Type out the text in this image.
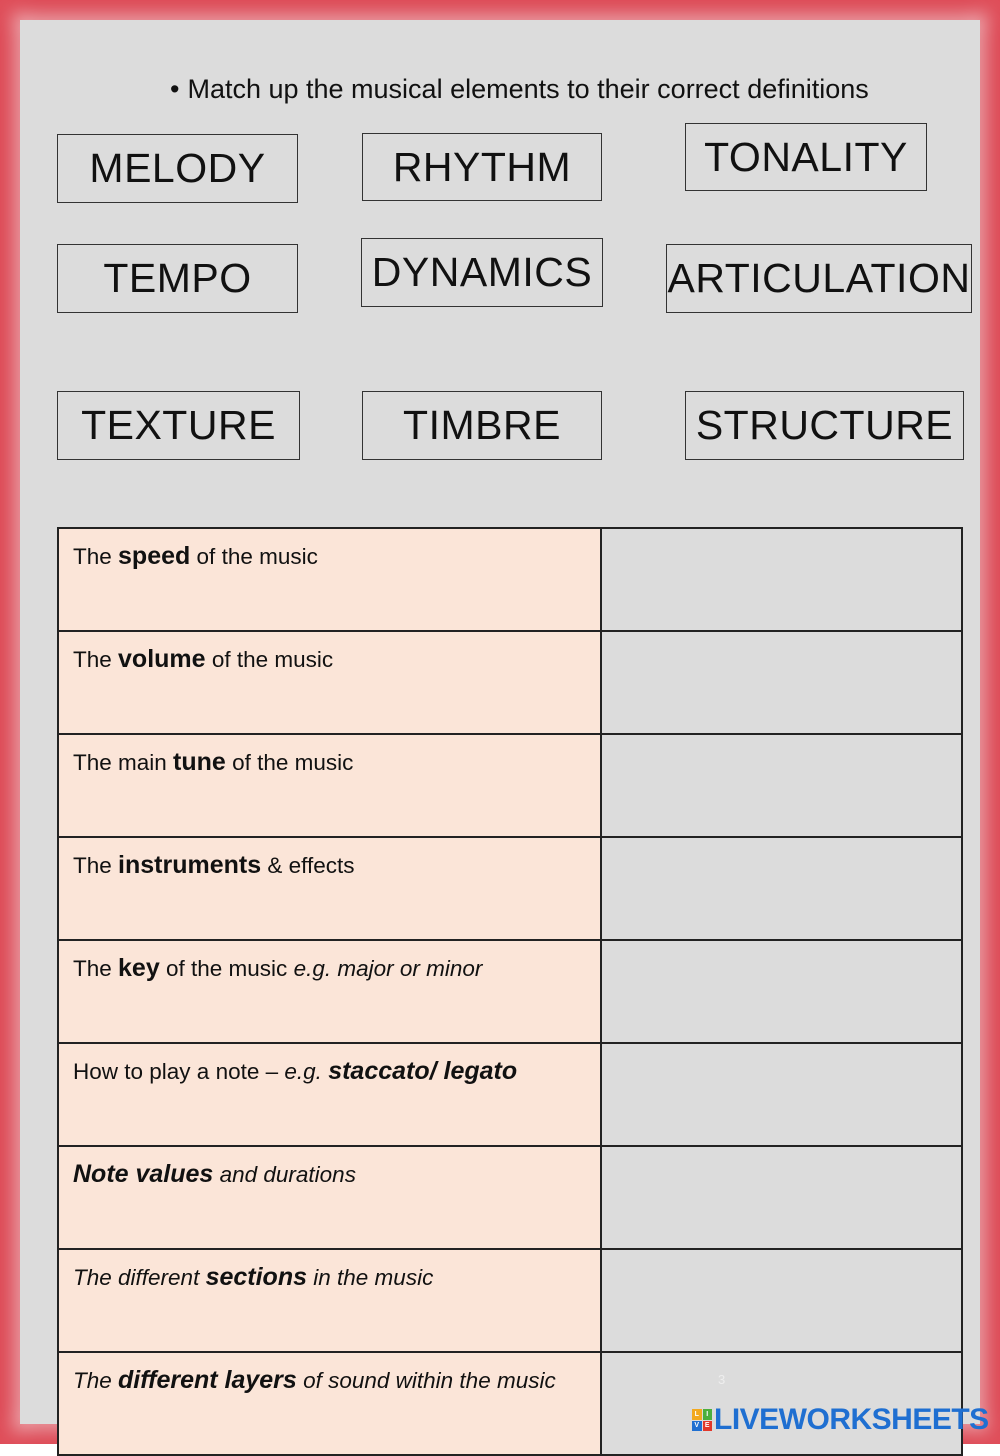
• Match up the musical elements to their correct definitions
MELODY	RHYTHM	TONALITY
TEMPO	DYNAMICS ARTICULATION
TEXTURE	TIMBRE	STRUCTURE
The speed of the music	
The volume of the music	
The main tune of the music	
The instruments & effects	
The key of the music e.g. major or minor	
How to play a note – e.g. staccato/ legato	
Note values and durations	
The different sections in the music	
The different layers of sound within the music		3
L	I
V E LIVEWORKSHEETS
